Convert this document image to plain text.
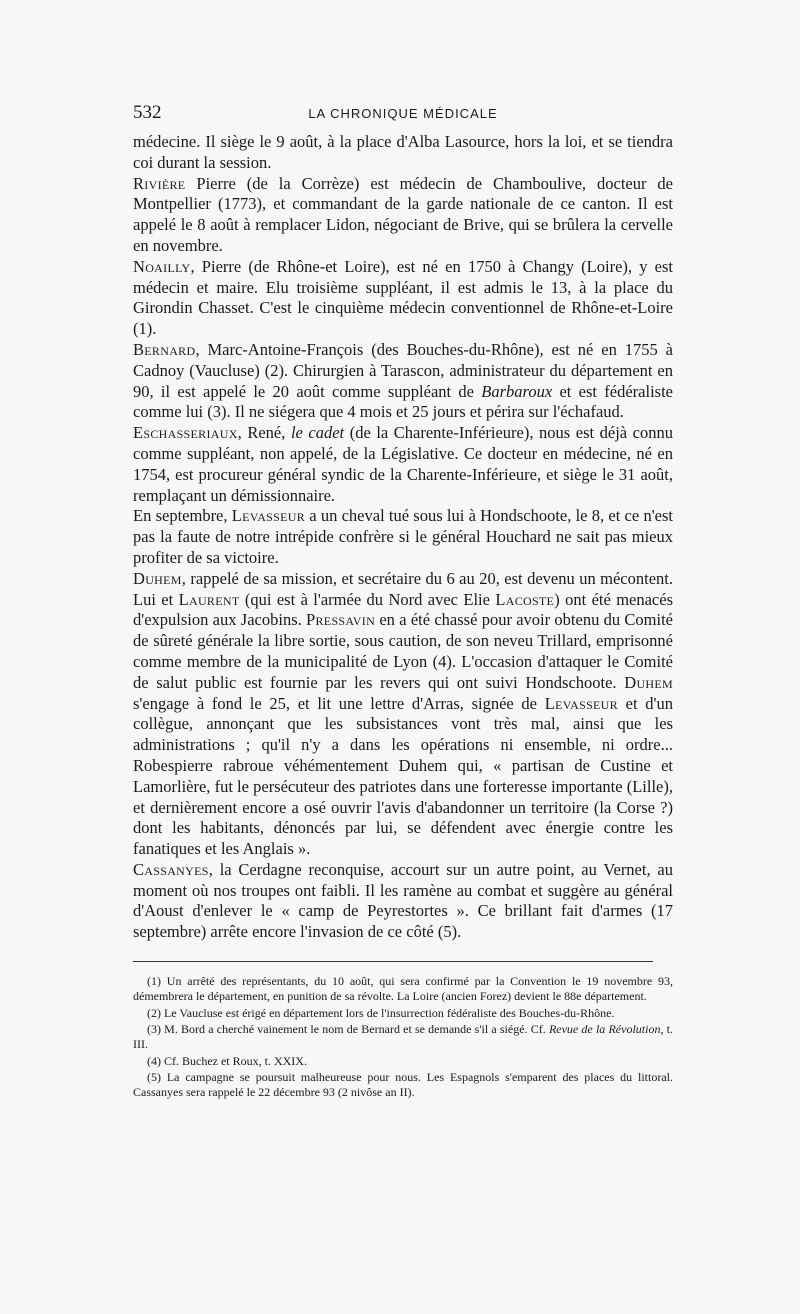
532	LA CHRONIQUE MÉDICALE

médecine. Il siège le 9 août, à la place d'Alba Lasource, hors la loi, et se tiendra coi durant la session.

Rivière Pierre (de la Corrèze) est médecin de Chamboulive, docteur de Montpellier (1773), et commandant de la garde nationale de ce canton. Il est appelé le 8 août à remplacer Lidon, négociant de Brive, qui se brûlera la cervelle en novembre.

Noailly, Pierre (de Rhône-et Loire), est né en 1750 à Changy (Loire), y est médecin et maire. Elu troisième suppléant, il est admis le 13, à la place du Girondin Chasset. C'est le cinquième médecin conventionnel de Rhône-et-Loire (1).

Bernard, Marc-Antoine-François (des Bouches-du-Rhône), est né en 1755 à Cadnoy (Vaucluse) (2). Chirurgien à Tarascon, administrateur du département en 90, il est appelé le 20 août comme suppléant de Barbaroux et est fédéraliste comme lui (3). Il ne siégera que 4 mois et 25 jours et périra sur l'échafaud.

Eschasseriaux, René, le cadet (de la Charente-Inférieure), nous est déjà connu comme suppléant, non appelé, de la Législative. Ce docteur en médecine, né en 1754, est procureur général syndic de la Charente-Inférieure, et siège le 31 août, remplaçant un démissionnaire.

En septembre, Levasseur a un cheval tué sous lui à Hondschoote, le 8, et ce n'est pas la faute de notre intrépide confrère si le général Houchard ne sait pas mieux profiter de sa victoire.

Duhem, rappelé de sa mission, et secrétaire du 6 au 20, est devenu un mécontent. Lui et Laurent (qui est à l'armée du Nord avec Elie Lacoste) ont été menacés d'expulsion aux Jacobins. Pressavin en a été chassé pour avoir obtenu du Comité de sûreté générale la libre sortie, sous caution, de son neveu Trillard, emprisonné comme membre de la municipalité de Lyon (4). L'occasion d'attaquer le Comité de salut public est fournie par les revers qui ont suivi Hondschoote. Duhem s'engage à fond le 25, et lit une lettre d'Arras, signée de Levasseur et d'un collègue, annonçant que les subsistances vont très mal, ainsi que les administrations ; qu'il n'y a dans les opérations ni ensemble, ni ordre... Robespierre rabroue véhémentement Duhem qui, « partisan de Custine et Lamorlière, fut le persécuteur des patriotes dans une forteresse importante (Lille), et dernièrement encore a osé ouvrir l'avis d'abandonner un territoire (la Corse ?) dont les habitants, dénoncés par lui, se défendent avec énergie contre les fanatiques et les Anglais ».

Cassanyes, la Cerdagne reconquise, accourt sur un autre point, au Vernet, au moment où nos troupes ont faibli. Il les ramène au combat et suggère au général d'Aoust d'enlever le « camp de Peyrestortes ». Ce brillant fait d'armes (17 septembre) arrête encore l'invasion de ce côté (5).

(1) Un arrêté des représentants, du 10 août, qui sera confirmé par la Convention le 19 novembre 93, démembrera le département, en punition de sa révolte. La Loire (ancien Forez) devient le 88e département.

(2) Le Vaucluse est érigé en département lors de l'insurrection fédéraliste des Bouches-du-Rhône.

(3) M. Bord a cherché vainement le nom de Bernard et se demande s'il a siégé. Cf. Revue de la Révolution, t. III.

(4) Cf. Buchez et Roux, t. XXIX.

(5) La campagne se poursuit malheureuse pour nous. Les Espagnols s'emparent des places du littoral. Cassanyes sera rappelé le 22 décembre 93 (2 nivôse an II).
